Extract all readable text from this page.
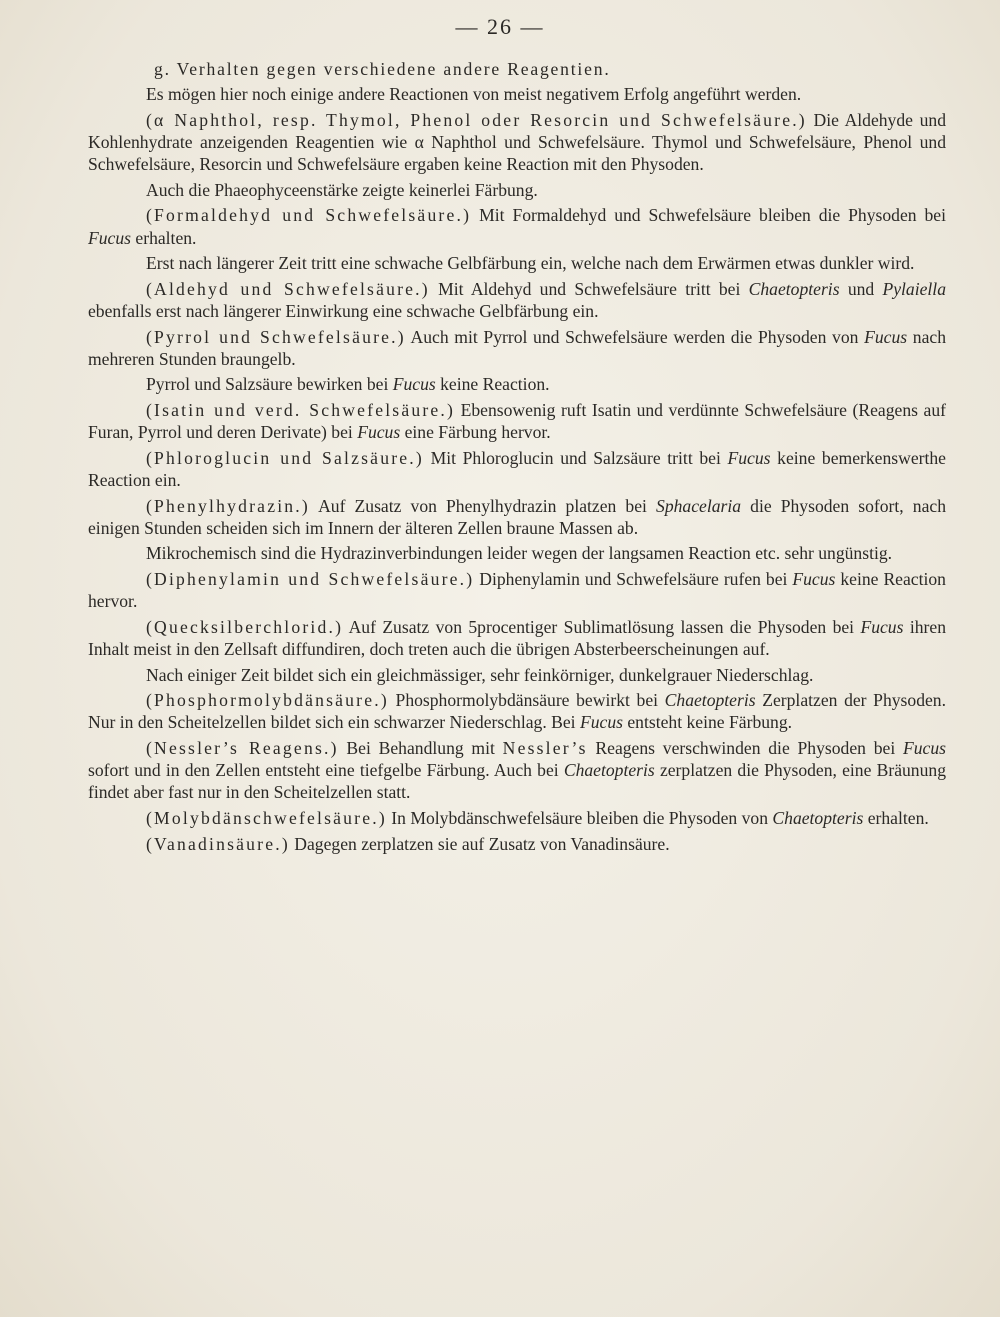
— 26 —
g. Verhalten gegen verschiedene andere Reagentien.

Es mögen hier noch einige andere Reactionen von meist negativem Erfolg angeführt werden.

(α Naphthol, resp. Thymol, Phenol oder Resorcin und Schwefelsäure.) Die Aldehyde und Kohlenhydrate anzeigenden Reagentien wie α Naphthol und Schwefelsäure. Thymol und Schwefelsäure, Phenol und Schwefelsäure, Resorcin und Schwefelsäure ergaben keine Reaction mit den Physoden.

Auch die Phaeophyceenstärke zeigte keinerlei Färbung.

(Formaldehyd und Schwefelsäure.) Mit Formaldehyd und Schwefelsäure bleiben die Physoden bei Fucus erhalten.

Erst nach längerer Zeit tritt eine schwache Gelbfärbung ein, welche nach dem Erwärmen etwas dunkler wird.

(Aldehyd und Schwefelsäure.) Mit Aldehyd und Schwefelsäure tritt bei Chaetopteris und Pylaiella ebenfalls erst nach längerer Einwirkung eine schwache Gelbfärbung ein.

(Pyrrol und Schwefelsäure.) Auch mit Pyrrol und Schwefelsäure werden die Physoden von Fucus nach mehreren Stunden braungelb.

Pyrrol und Salzsäure bewirken bei Fucus keine Reaction.

(Isatin und verd. Schwefelsäure.) Ebensowenig ruft Isatin und verdünnte Schwefelsäure (Reagens auf Furan, Pyrrol und deren Derivate) bei Fucus eine Färbung hervor.

(Phloroglucin und Salzsäure.) Mit Phloroglucin und Salzsäure tritt bei Fucus keine bemerkenswerthe Reaction ein.

(Phenylhydrazin.) Auf Zusatz von Phenylhydrazin platzen bei Sphacelaria die Physoden sofort, nach einigen Stunden scheiden sich im Innern der älteren Zellen braune Massen ab.

Mikrochemisch sind die Hydrazinverbindungen leider wegen der langsamen Reaction etc. sehr ungünstig.

(Diphenylamin und Schwefelsäure.) Diphenylamin und Schwefelsäure rufen bei Fucus keine Reaction hervor.

(Quecksilberchlorid.) Auf Zusatz von 5procentiger Sublimatlösung lassen die Physoden bei Fucus ihren Inhalt meist in den Zellsaft diffundiren, doch treten auch die übrigen Absterbeerscheinungen auf.

Nach einiger Zeit bildet sich ein gleichmässiger, sehr feinkörniger, dunkelgrauer Niederschlag.

(Phosphormolybdänsäure.) Phosphormolybdänsäure bewirkt bei Chaetopteris Zerplatzen der Physoden. Nur in den Scheitelzellen bildet sich ein schwarzer Niederschlag. Bei Fucus entsteht keine Färbung.

(Nessler’s Reagens.) Bei Behandlung mit Nessler’s Reagens verschwinden die Physoden bei Fucus sofort und in den Zellen entsteht eine tiefgelbe Färbung. Auch bei Chaetopteris zerplatzen die Physoden, eine Bräunung findet aber fast nur in den Scheitelzellen statt.

(Molybdänschwefelsäure.) In Molybdänschwefelsäure bleiben die Physoden von Chaetopteris erhalten.

(Vanadinsäure.) Dagegen zerplatzen sie auf Zusatz von Vanadinsäure.
